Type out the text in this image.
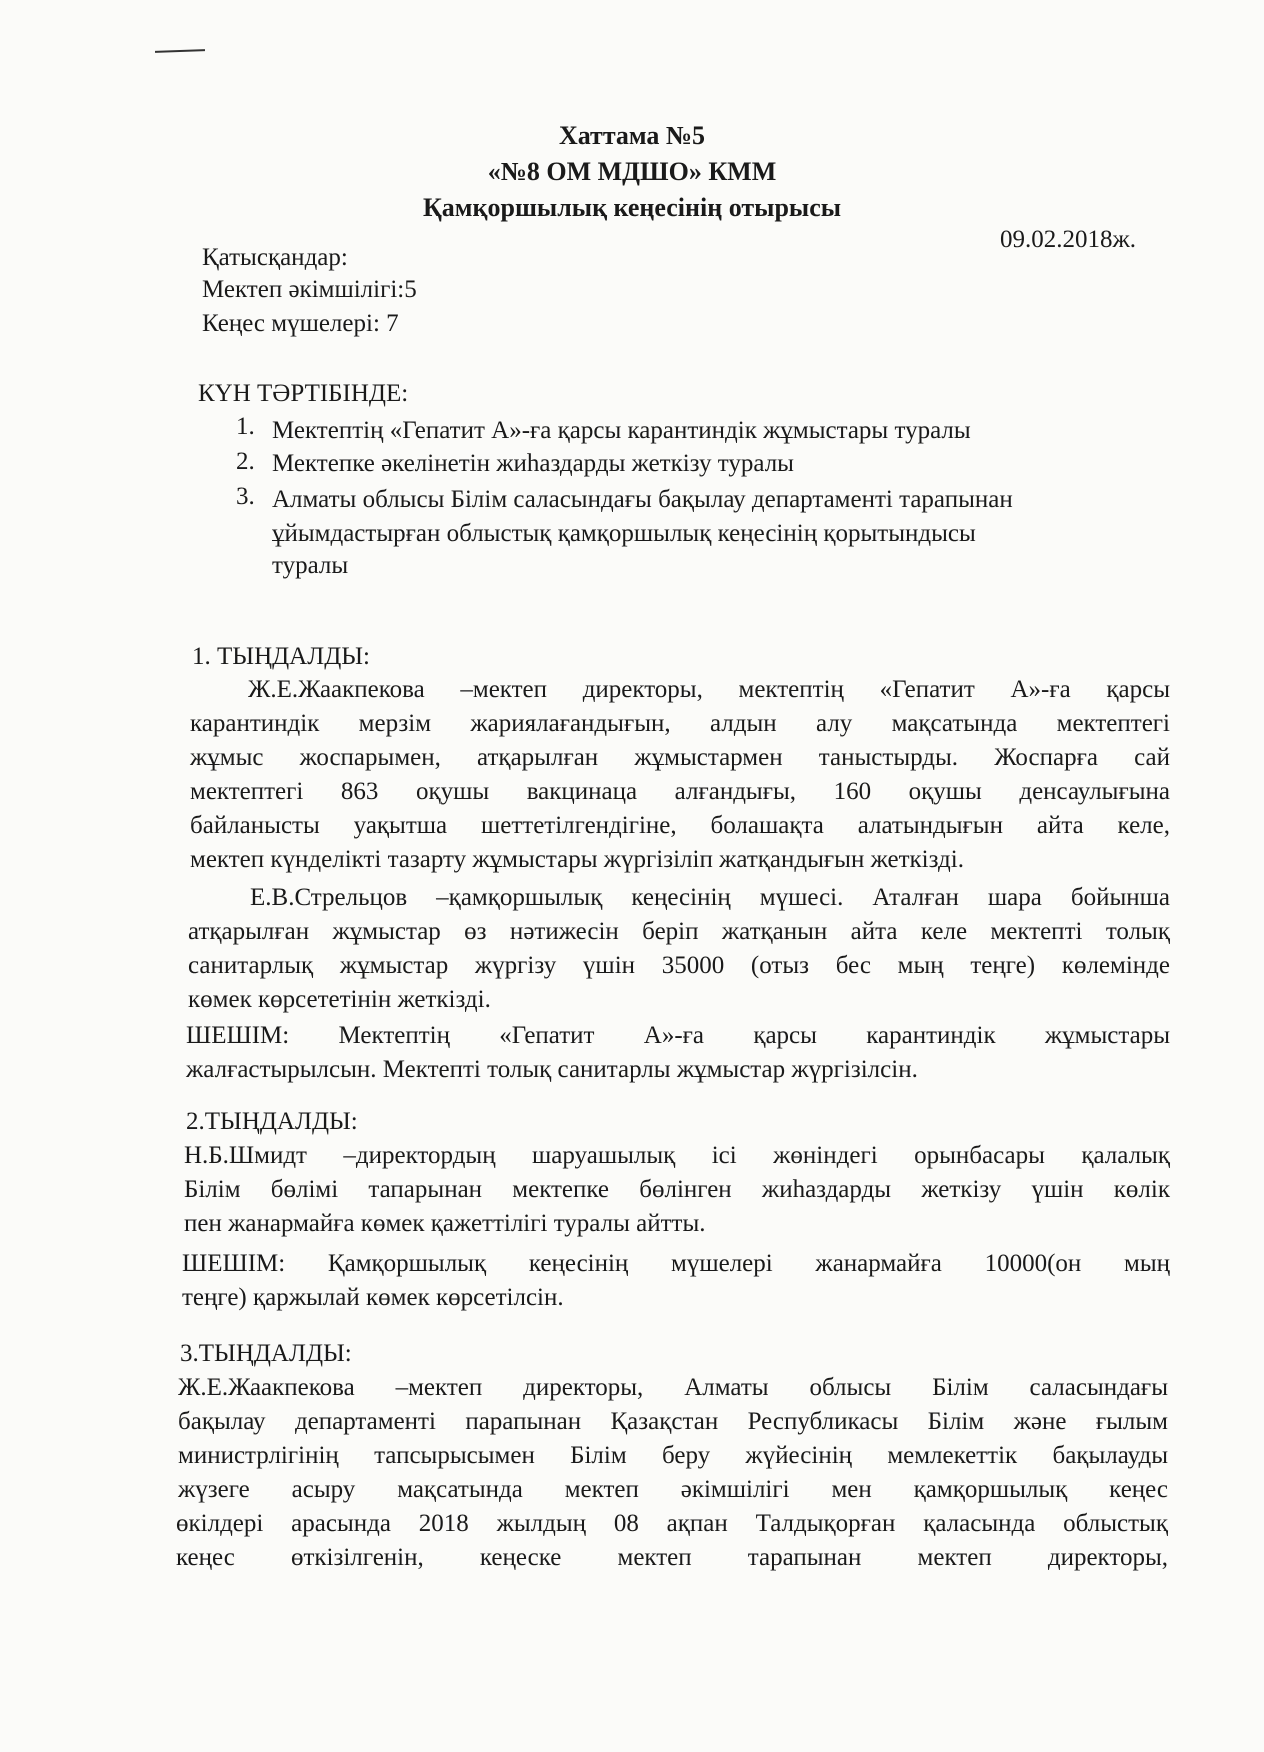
Хаттама №5
«№8 ОМ МДШО» КММ
Қамқоршылық кеңесінің отырысы
09.02.2018ж.
Қатысқандар:
Мектеп әкімшілігі:5
Кеңес мүшелері: 7
КҮН ТӘРТІБІНДЕ:
1. Мектептің «Гепатит А»-ға қарсы карантиндік жұмыстары туралы
2. Мектепке әкелінетін жиһаздарды жеткізу туралы
3. Алматы облысы Білім саласындағы бақылау департаменті тарапынан
ұйымдастырған облыстық қамқоршылық кеңесінің қорытындысы
туралы
1. ТЫҢДАЛДЫ:
Ж.Е.Жаакпекова –мектеп директоры, мектептің «Гепатит А»-ға қарсы
карантиндік мерзім жариялағандығын, алдын алу мақсатында мектептегі
жұмыс жоспарымен, атқарылған жұмыстармен таныстырды. Жоспарға сай
мектептегі 863 оқушы вакцинаца алғандығы, 160 оқушы денсаулығына
байланысты уақытша шеттетілгендігіне, болашақта алатындығын айта келе,
мектеп күнделікті тазарту жұмыстары жүргізіліп жатқандығын жеткізді.
Е.В.Стрельцов –қамқоршылық кеңесінің мүшесі. Аталған шара бойынша
атқарылған жұмыстар өз нәтижесін беріп жатқанын айта келе мектепті толық
санитарлық жұмыстар жүргізу үшін 35000 (отыз бес мың теңге) көлемінде
көмек көрсететінін жеткізді.
ШЕШІМ: Мектептің «Гепатит А»-ға қарсы карантиндік жұмыстары
жалғастырылсын. Мектепті толық санитарлы жұмыстар жүргізілсін.
2.ТЫҢДАЛДЫ:
Н.Б.Шмидт –директордың шаруашылық ісі жөніндегі орынбасары қалалық
Білім бөлімі тапарынан мектепке бөлінген жиһаздарды жеткізу үшін көлік
пен жанармайға көмек қажеттілігі туралы айтты.
ШЕШІМ: Қамқоршылық кеңесінің мүшелері жанармайға 10000(он мың
теңге) қаржылай көмек көрсетілсін.
3.ТЫҢДАЛДЫ:
Ж.Е.Жаакпекова –мектеп директоры, Алматы облысы Білім саласындағы
бақылау департаменті парапынан Қазақстан Республикасы Білім және ғылым
министрлігінің тапсырысымен Білім беру жүйесінің мемлекеттік бақылауды
жүзеге асыру мақсатында мектеп әкімшілігі мен қамқоршылық кеңес
өкілдері арасында 2018 жылдың 08 ақпан Талдықорған қаласында облыстық
кеңес өткізілгенін, кеңеске мектеп тарапынан мектеп директоры,
